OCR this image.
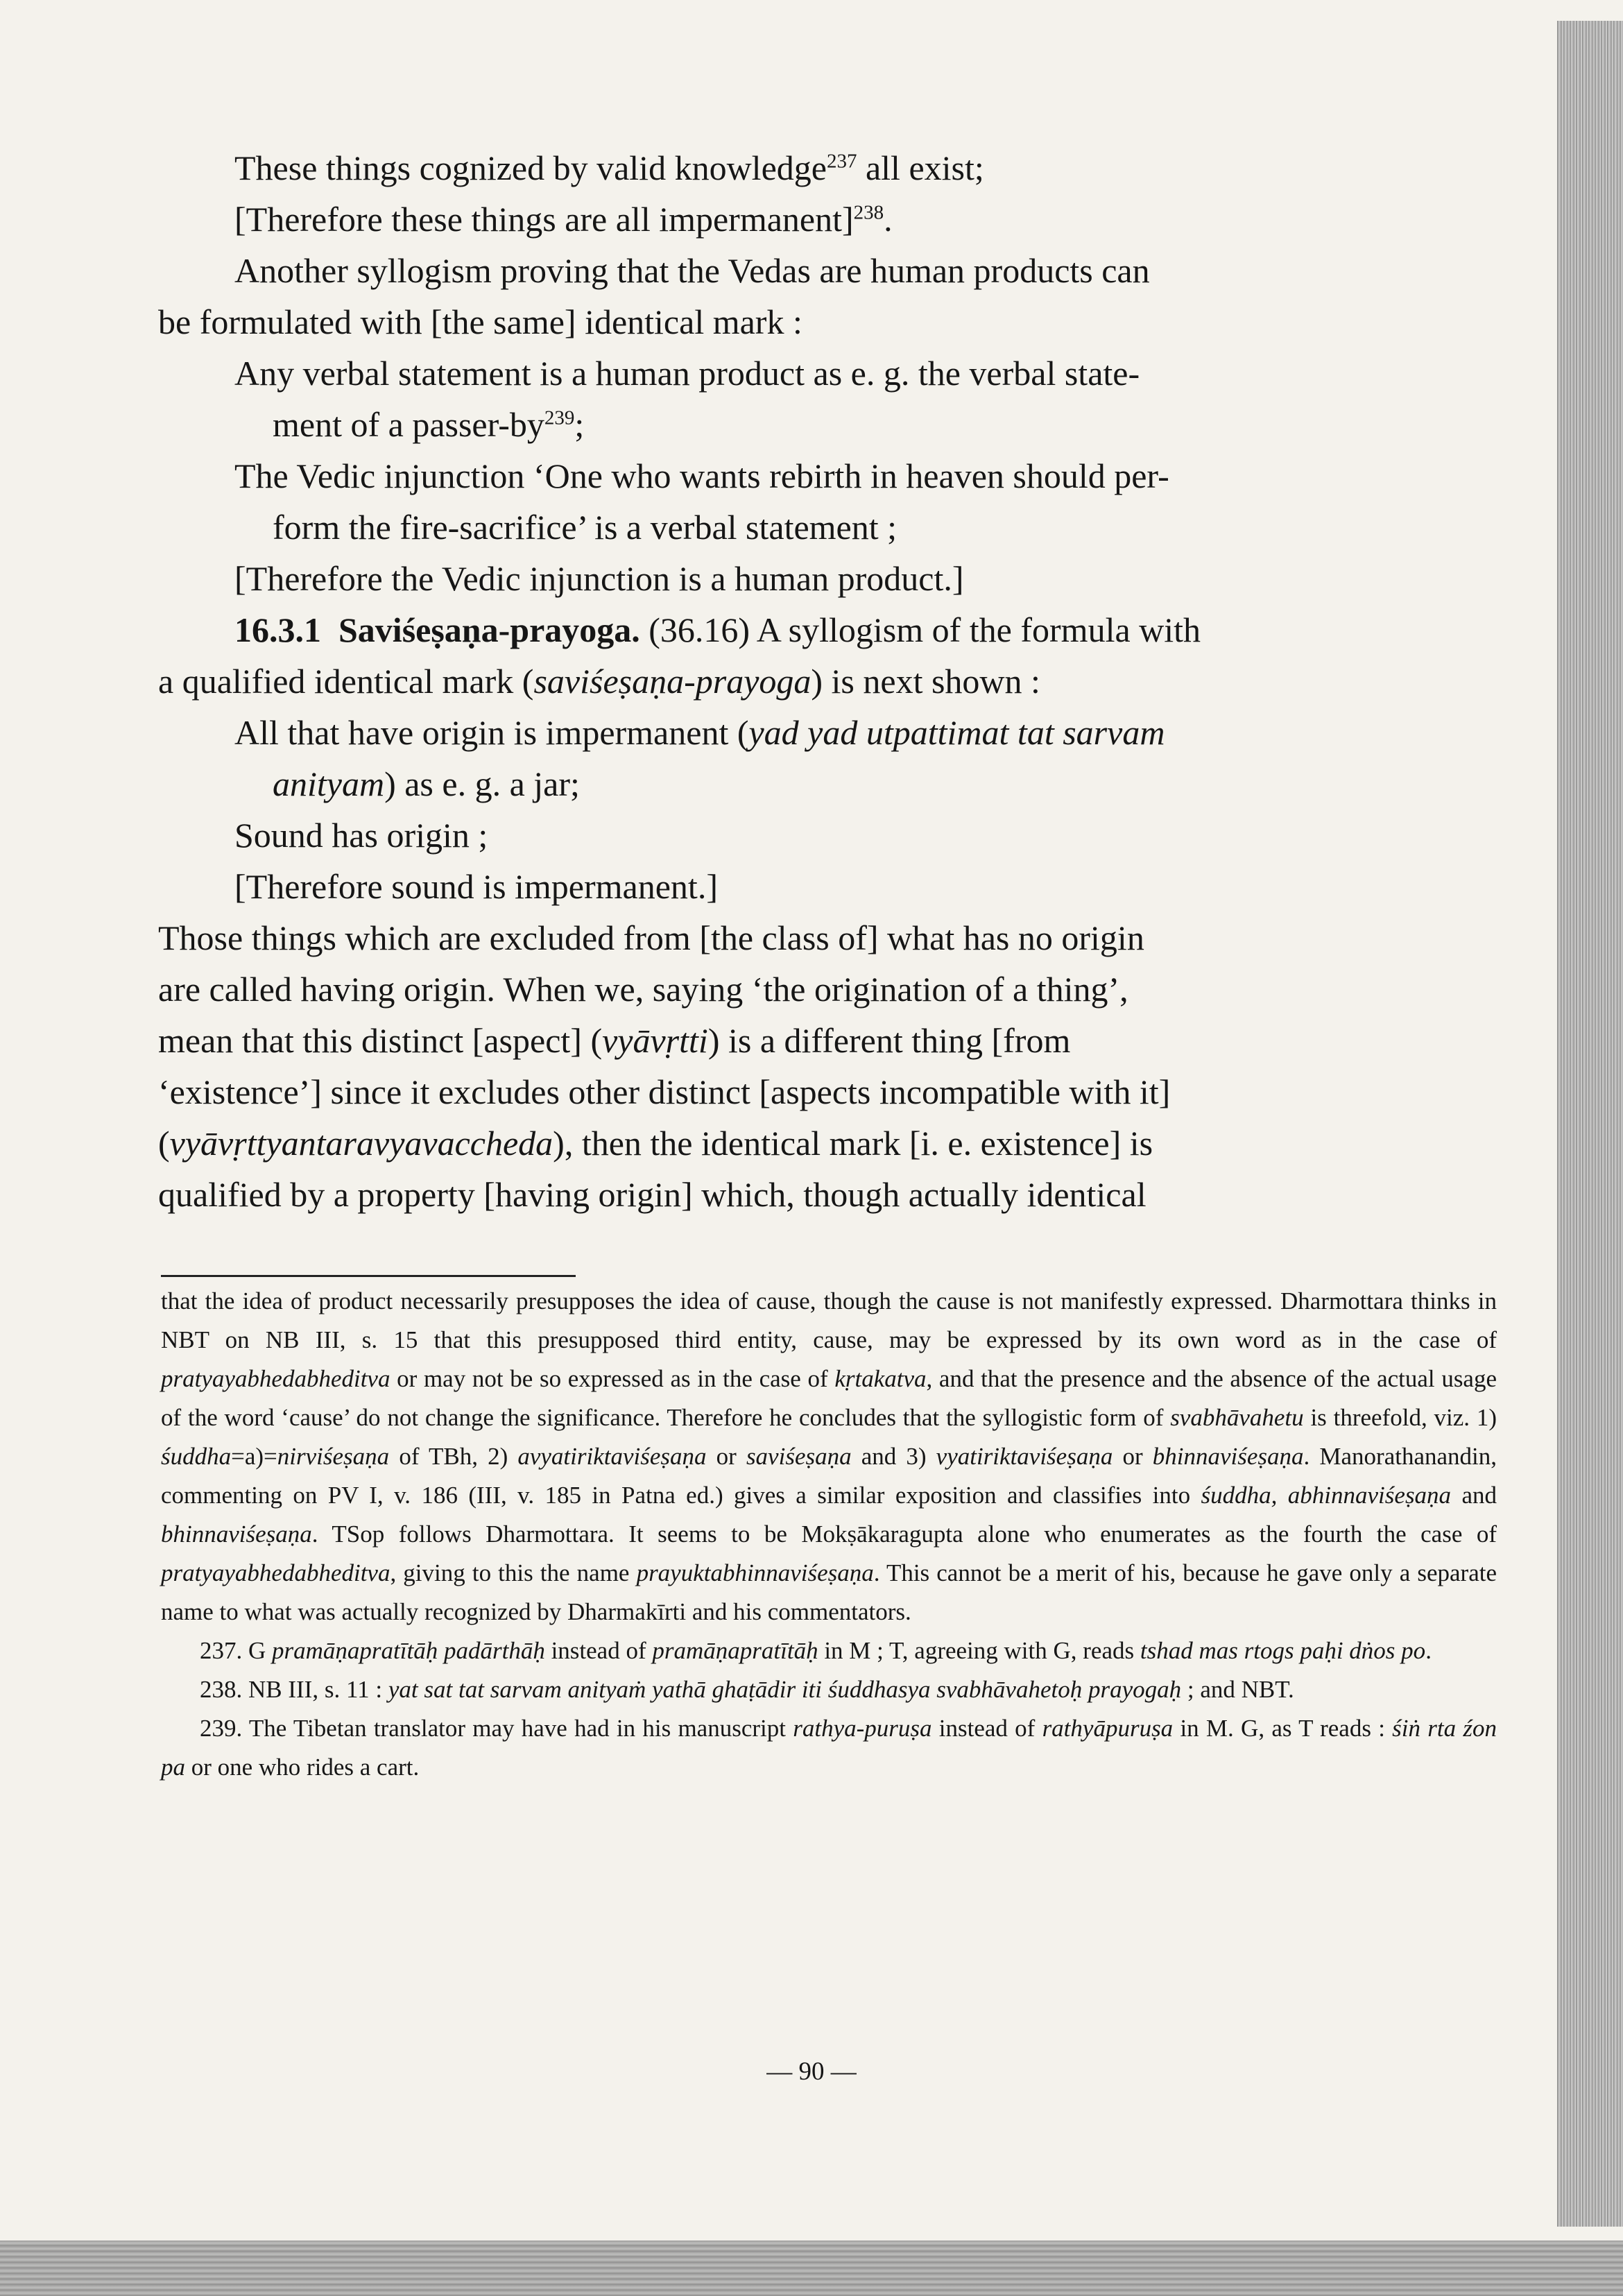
These things cognized by valid knowledge$^{237}$ all exist;

[Therefore these things are all impermanent]$^{238}$.

Another syllogism proving that the Vedas are human products can

be formulated with [the same] identical mark :

Any verbal statement is a human product as e. g. the verbal state-

ment of a passer-$by^{239}$;

The Vedic injunction ‘One who wants rebirth in heaven should per-

form the fire-sacrifice’ is a verbal statement ;

[Therefore the Vedic injunction is a human product.]

16.3.1 Saviśeṣaṇa-prayoga. (36.16) A syllogism of the formula with

a qualified identical mark (saviśeṣaṇa-prayoga) is next shown :

All that have origin is impermanent (yad yad utpattimat tat sarvam

anityam) as e. g. a jar;

Sound has origin ;

[Therefore sound is impermanent.]

Those things which are excluded from [the class of] what has no origin

are called having origin. When we, saying ‘the origination of a thing’,

mean that this distinct [aspect] (vyāvṛtti) is a different thing [from

‘existence’] since it excludes other distinct [aspects incompatible with it]

(vyāvṛttyantaravyavaccheda), then the identical mark [i. e. existence] is

qualified by a property [having origin] which, though actually identical

that the idea of product necessarily presupposes the idea of cause, though the cause is not manifestly expressed. Dharmottara thinks in NBT on NB III, s. 15 that this presupposed third entity, cause, may be expressed by its own word as in the case of pratyayabhedabheditva or may not be so expressed as in the case of kṛtakatva, and that the presence and the absence of the actual usage of the word ‘cause’ do not change the significance. Therefore he concludes that the syllogistic form of svabhāvahetu is threefold, viz. 1) śuddha=a)=nirviśeṣaṇa of TBh, 2) avyatiriktaviśeṣaṇa or saviśeṣaṇa and 3) vyatiriktaviśeṣaṇa or bhinnaviśeṣaṇa. Manorathanandin, commenting on PV I, v. 186 (III, v. 185 in Patna ed.) gives a similar exposition and classifies into śuddha, abhinnaviśeṣaṇa and bhinnaviśeṣaṇa. TSop follows Dharmottara. It seems to be Mokṣākaragupta alone who enumerates as the fourth the case of pratyayabhedabheditva, giving to this the name prayuktabhinnaviśeṣaṇa. This cannot be a merit of his, because he gave only a separate name to what was actually recognized by Dharmakīrti and his commentators.

237. G pramāṇapratītāḥ padārthāḥ instead of pramāṇapratītāḥ in M ; T, agreeing with G, reads tshad mas rtogs paḥi dṅos po.

238. NB III, s. 11 : yat sat tat sarvam anityaṁ yathā ghaṭādir iti śuddhasya svabhāvahetoḥ prayogaḥ ; and NBT.

239. The Tibetan translator may have had in his manuscript rathya-puruṣa instead of rathyāpuruṣa in M. G, as T reads : śiṅ rta źon pa or one who rides a cart.

— 90 —
